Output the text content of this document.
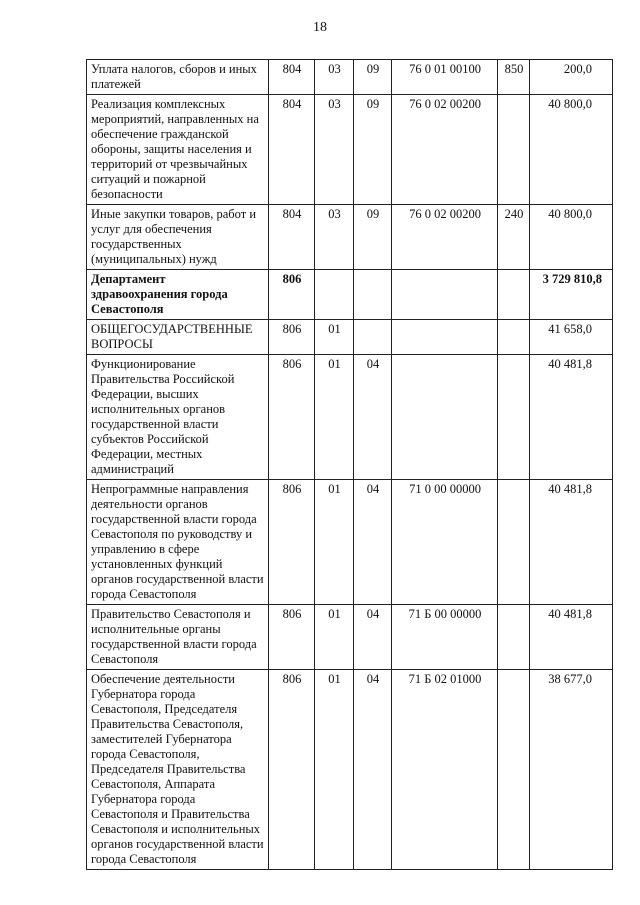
18
Уплата налогов, сборов и иных платежей	804	03	09	76 0 01 00100	850	200,0
Реализация комплексных мероприятий, направленных на обеспечение гражданской обороны, защиты населения и территорий от чрезвычайных ситуаций и пожарной безопасности	804	03	09	76 0 02 00200		40 800,0
Иные закупки товаров, работ и услуг для обеспечения государственных (муниципальных) нужд	804	03	09	76 0 02 00200	240	40 800,0
Департамент здравоохранения города Севастополя	806					3 729 810,8
ОБЩЕГОСУДАРСТВЕННЫЕ ВОПРОСЫ	806	01				41 658,0
Функционирование Правительства Российской Федерации, высших исполнительных органов государственной власти субъектов Российской Федерации, местных администраций	806	01	04			40 481,8
Непрограммные направления деятельности органов государственной власти города Севастополя по руководству и управлению в сфере установленных функций органов государственной власти города Севастополя	806	01	04	71 0 00 00000		40 481,8
Правительство Севастополя и исполнительные органы государственной власти города Севастополя	806	01	04	71 Б 00 00000		40 481,8
Обеспечение деятельности Губернатора города Севастополя, Председателя Правительства Севастополя, заместителей Губернатора города Севастополя, Председателя Правительства Севастополя, Аппарата Губернатора города Севастополя и Правительства Севастополя и исполнительных органов государственной власти города Севастополя	806	01	04	71 Б 02 01000		38 677,0
